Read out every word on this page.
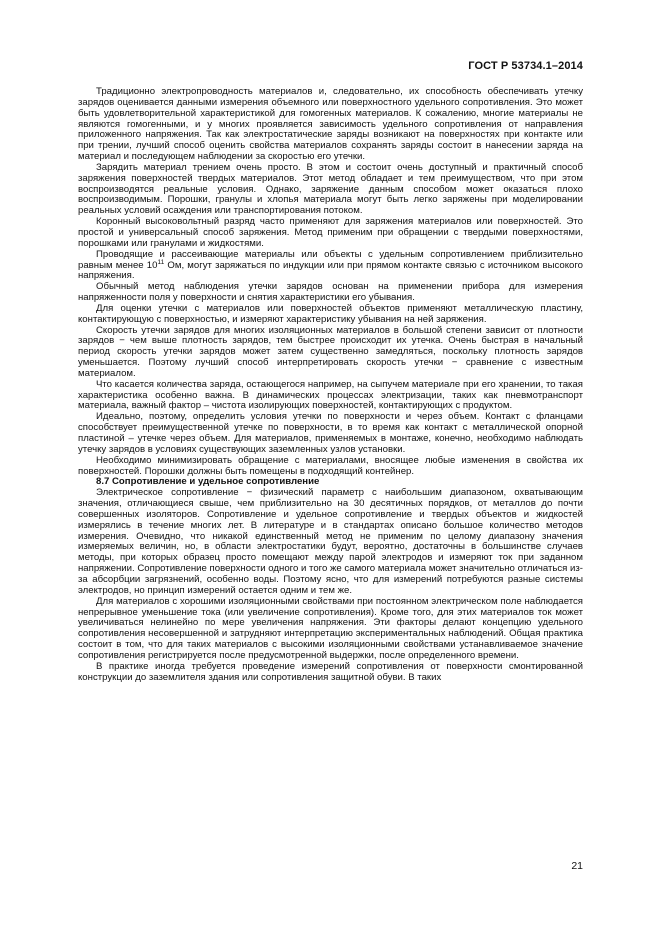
ГОСТ Р 53734.1–2014

Традиционно электропроводность материалов и, следовательно, их способность обеспечивать утечку зарядов оценивается данными измерения объемного или поверхностного удельного сопротивления. Это может быть удовлетворительной характеристикой для гомогенных материалов. К сожалению, многие материалы не являются гомогенными, и у многих проявляется зависимость удельного сопротивления от направления приложенного напряжения. Так как электростатические заряды возникают на поверхностях при контакте или при трении, лучший способ оценить свойства материалов сохранять заряды состоит в нанесении заряда на материал и последующем наблюдении за скоростью его утечки.

Зарядить материал трением очень просто. В этом и состоит очень доступный и практичный способ заряжения поверхностей твердых материалов. Этот метод обладает и тем преимуществом, что при этом воспроизводятся реальные условия. Однако, заряжение данным способом может оказаться плохо воспроизводимым. Порошки, гранулы и хлопья материала могут быть легко заряжены при моделировании реальных условий осаждения или транспортирования потоком.

Коронный высоковольтный разряд часто применяют для заряжения материалов или поверхностей. Это простой и универсальный способ заряжения. Метод применим при обращении с твердыми поверхностями, порошками или гранулами и жидкостями.

Проводящие и рассеивающие материалы или объекты с удельным сопротивлением приблизительно равным менее $10^{11}$ Ом, могут заряжаться по индукции или при прямом контакте связью с источником высокого напряжения.

Обычный метод наблюдения утечки зарядов основан на применении прибора для измерения напряженности поля у поверхности и снятия характеристики его убывания.

Для оценки утечки с материалов или поверхностей объектов применяют металлическую пластину, контактирующую с поверхностью, и измеряют характеристику убывания на ней заряжения.

Скорость утечки зарядов для многих изоляционных материалов в большой степени зависит от плотности зарядов − чем выше плотность зарядов, тем быстрее происходит их утечка. Очень быстрая в начальный период скорость утечки зарядов может затем существенно замедляться, поскольку плотность зарядов уменьшается. Поэтому лучший способ интерпретировать скорость утечки − сравнение с известным материалом.

Что касается количества заряда, остающегося например, на сыпучем материале при его хранении, то такая характеристика особенно важна. В динамических процессах электризации, таких как пневмотранспорт материала, важный фактор – чистота изолирующих поверхностей, контактирующих с продуктом.

Идеально, поэтому, определить условия утечки по поверхности и через объем. Контакт с фланцами способствует преимущественной утечке по поверхности, в то время как контакт с металлической опорной пластиной – утечке через объем. Для материалов, применяемых в монтаже, конечно, необходимо наблюдать утечку зарядов в условиях существующих заземленных узлов установки.

Необходимо минимизировать обращение с материалами, вносящее любые изменения в свойства их поверхностей. Порошки должны быть помещены в подходящий контейнер.

8.7 Сопротивление и удельное сопротивление

Электрическое сопротивление − физический параметр с наибольшим диапазоном, охватывающим значения, отличающиеся свыше, чем приблизительно на 30 десятичных порядков, от металлов до почти совершенных изоляторов. Сопротивление и удельное сопротивление и твердых объектов и жидкостей измерялись в течение многих лет. В литературе и в стандартах описано большое количество методов измерения. Очевидно, что никакой единственный метод не применим по целому диапазону значения измеряемых величин, но, в области электростатики будут, вероятно, достаточны в большинстве случаев методы, при которых образец просто помещают между парой электродов и измеряют ток при заданном напряжении. Сопротивление поверхности одного и того же самого материала может значительно отличаться из-за абсорбции загрязнений, особенно воды. Поэтому ясно, что для измерений потребуются разные системы электродов, но принцип измерений остается одним и тем же.

Для материалов с хорошими изоляционными свойствами при постоянном электрическом поле наблюдается непрерывное уменьшение тока (или увеличение сопротивления). Кроме того, для этих материалов ток может увеличиваться нелинейно по мере увеличения напряжения. Эти факторы делают концепцию удельного сопротивления несовершенной и затрудняют интерпретацию экспериментальных наблюдений. Общая практика состоит в том, что для таких материалов с высокими изоляционными свойствами устанавливаемое значение сопротивления регистрируется после предусмотренной выдержки, после определенного времени.

В практике иногда требуется проведение измерений сопротивления от поверхности смонтированной конструкции до заземлителя здания или сопротивления защитной обуви. В таких

21
